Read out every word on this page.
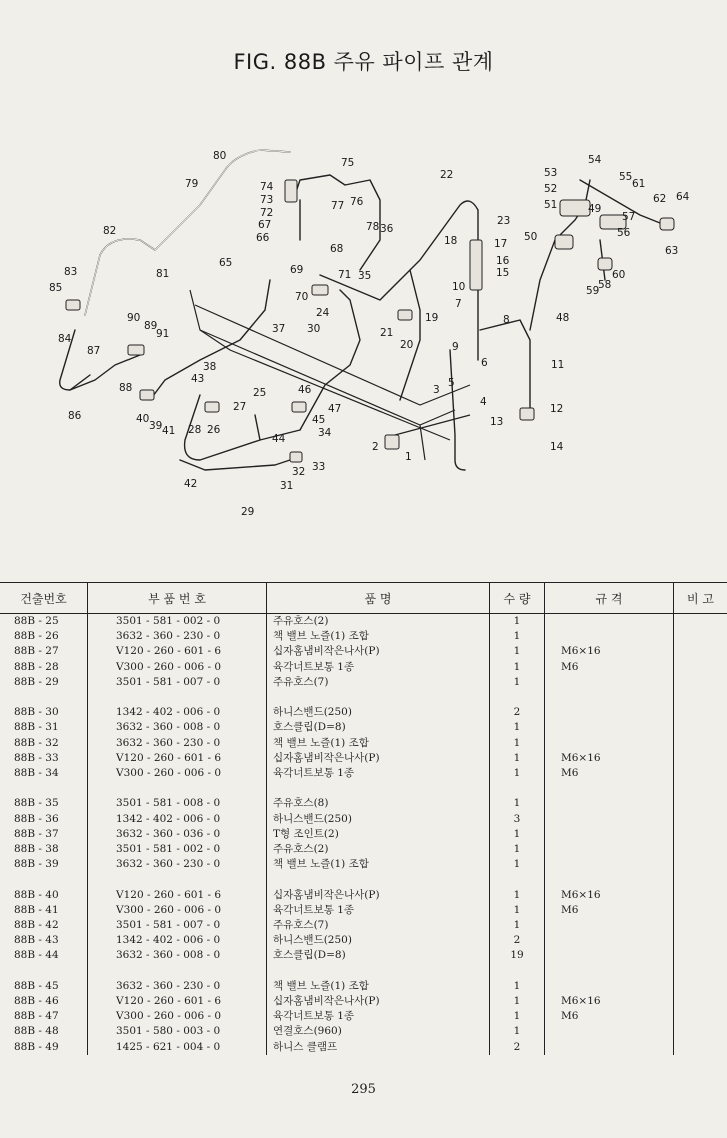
FIG. 88B 주유 파이프 관계
1
2
3
4
5
6
7
8
9
10
11
12
13
14
15
16
17
18
19
20
21
22
23
24
25
26
27
28
29
30
31
32 33
34
35
36
37
38
39
40
41
42
43
44
45
46
47
48
49
50
51
52
53
54
55
56
57
58
59
60
61
62
63
64
65
66
67
68
69
70
71
72
73
74
75
76
77
78
79
80
81
82
83
84
85
86
87
88
89
90
91
건출번호	부 품 번 호	품 명	수 량	규 격	비 고
88B - 25	3501 - 581 - 002 - 0	주유호스(2)	1		
88B - 26	3632 - 360 - 230 - 0	책 밸브 노즐(1) 조합	1		
88B - 27	V120 - 260 - 601 - 6	십자홈냄비작은나사(P)	1	M6×16	
88B - 28	V300 - 260 - 006 - 0	육각너트보통 1종	1	M6	
88B - 29	3501 - 581 - 007 - 0	주유호스(7)	1		

88B - 30	1342 - 402 - 006 - 0	하니스밴드(250)	2		
88B - 31	3632 - 360 - 008 - 0	호스클립(D=8)	1		
88B - 32	3632 - 360 - 230 - 0	책 밸브 노즐(1) 조합	1		
88B - 33	V120 - 260 - 601 - 6	십자홈냄비작은나사(P)	1	M6×16	
88B - 34	V300 - 260 - 006 - 0	육각너트보통 1종	1	M6	

88B - 35	3501 - 581 - 008 - 0	주유호스(8)	1		
88B - 36	1342 - 402 - 006 - 0	하니스밴드(250)	3		
88B - 37	3632 - 360 - 036 - 0	T형 조인트(2)	1		
88B - 38	3501 - 581 - 002 - 0	주유호스(2)	1		
88B - 39	3632 - 360 - 230 - 0	책 밸브 노즐(1) 조합	1		

88B - 40	V120 - 260 - 601 - 6	십자홈냄비작은나사(P)	1	M6×16	
88B - 41	V300 - 260 - 006 - 0	육각너트보통 1종	1	M6	
88B - 42	3501 - 581 - 007 - 0	주유호스(7)	1		
88B - 43	1342 - 402 - 006 - 0	하니스밴드(250)	2		
88B - 44	3632 - 360 - 008 - 0	호스클립(D=8)	19		

88B - 45	3632 - 360 - 230 - 0	책 밸브 노즐(1) 조합	1		
88B - 46	V120 - 260 - 601 - 6	십자홈냄비작은나사(P)	1	M6×16	
88B - 47	V300 - 260 - 006 - 0	육각너트보통 1종	1	M6	
88B - 48	3501 - 580 - 003 - 0	연결호스(960)	1		
88B - 49	1425 - 621 - 004 - 0	하니스 클램프	2		
295
